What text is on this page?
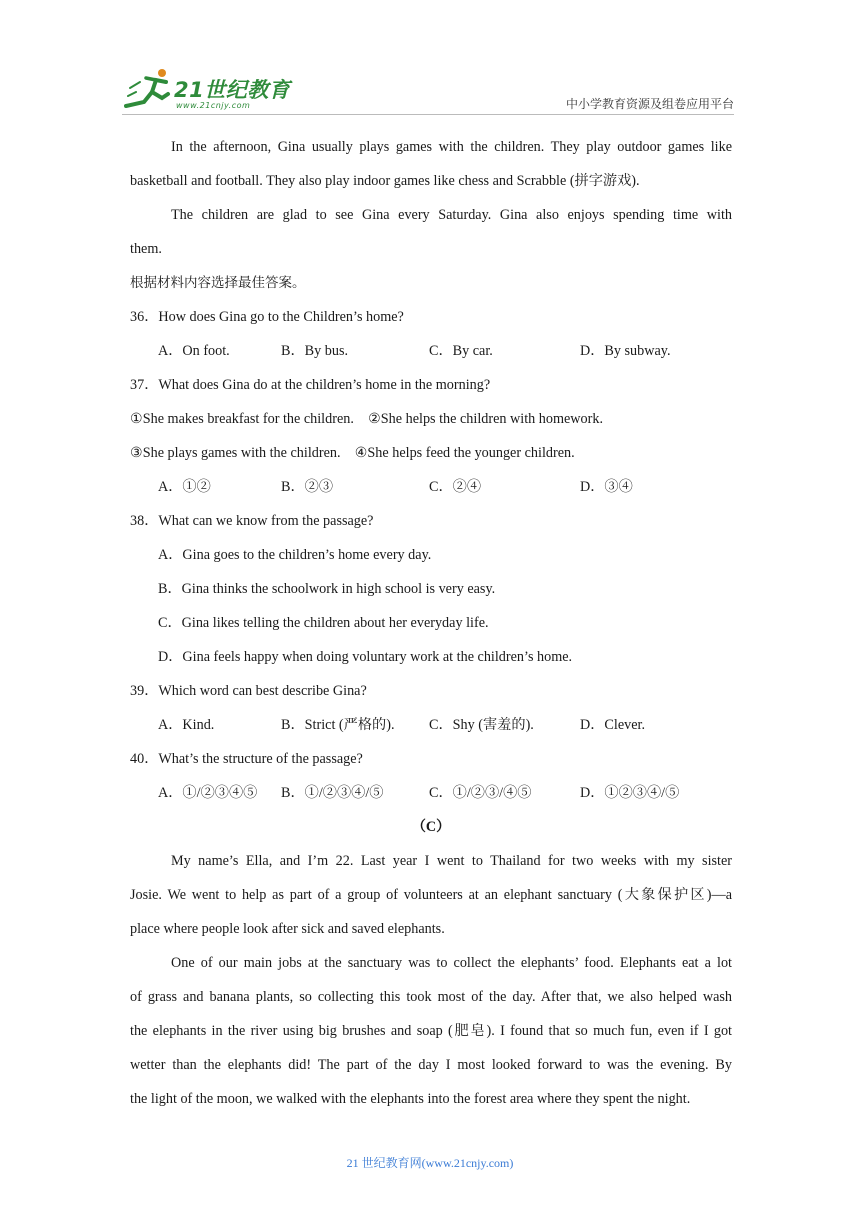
21世纪教育
www.21cnjy.com	中小学教育资源及组卷应用平台
In the afternoon, Gina usually plays games with the children. They play outdoor games like
basketball and football. They also play indoor games like chess and Scrabble (拼字游戏).
The children are glad to see Gina every Saturday. Gina also enjoys spending time with
them.
根据材料内容选择最佳答案。
36．How does Gina go to the Children’s home?
A．On foot.	B．By bus.	C．By car.	D．By subway.
37．What does Gina do at the children’s home in the morning?
①She makes breakfast for the children.　②She helps the children with homework.
③She plays games with the children.　④She helps feed the younger children.
A．①②	B．②③	C．②④	D．③④
38．What can we know from the passage?
A．Gina goes to the children’s home every day.
B．Gina thinks the schoolwork in high school is very easy.
C．Gina likes telling the children about her everyday life.
D．Gina feels happy when doing voluntary work at the children’s home.
39．Which word can best describe Gina?
A．Kind.	B．Strict (严格的).	C．Shy (害羞的).	D．Clever.
40．What’s the structure of the passage?
A．①/②③④⑤	B．①/②③④/⑤	C．①/②③/④⑤	D．①②③④/⑤
（C）
My name’s Ella, and I’m 22. Last year I went to Thailand for two weeks with my sister
Josie. We went to help as part of a group of volunteers at an elephant sanctuary (大象保护区)—a
place where people look after sick and saved elephants.
One of our main jobs at the sanctuary was to collect the elephants’ food. Elephants eat a lot
of grass and banana plants, so collecting this took most of the day. After that, we also helped wash
the elephants in the river using big brushes and soap (肥皂). I found that so much fun, even if I got
wetter than the elephants did! The part of the day I most looked forward to was the evening. By
the light of the moon, we walked with the elephants into the forest area where they spent the night.
21 世纪教育网(www.21cnjy.com)
